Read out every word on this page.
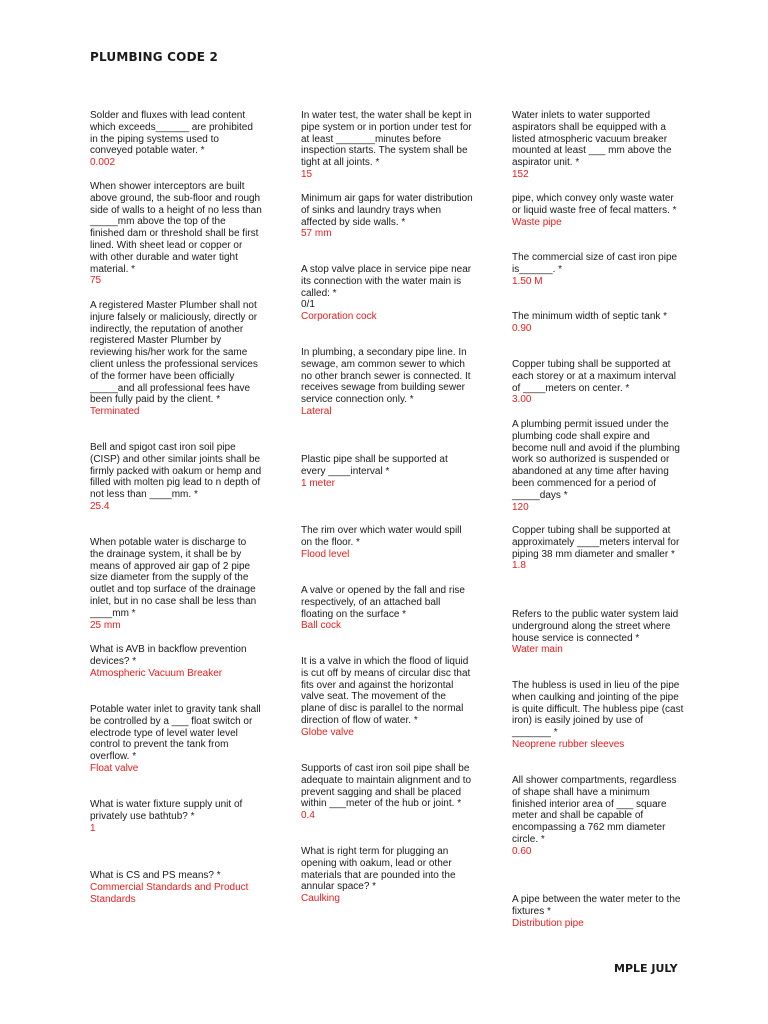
PLUMBING CODE 2
Solder and fluxes with lead content which exceeds______ are prohibited in the piping systems used to conveyed potable water. *
0.002
When shower interceptors are built above ground, the sub-floor and rough side of walls to a height of no less than _____mm above the top of the finished dam or threshold shall be first lined. With sheet lead or copper or with other durable and water tight material. *
75
A registered Master Plumber shall not injure falsely or maliciously, directly or indirectly, the reputation of another registered Master Plumber by reviewing his/her work for the same client unless the professional services of the former have been officially _____and all professional fees have been fully paid by the client. *
Terminated
Bell and spigot cast iron soil pipe (CISP) and other similar joints shall be firmly packed with oakum or hemp and filled with molten pig lead to n depth of not less than ____mm. *
25.4
When potable water is discharge to the drainage system, it shall be by means of approved air gap of 2 pipe size diameter from the supply of the outlet and top surface of the drainage inlet, but in no case shall be less than ____mm *
25 mm
What is AVB in backflow prevention devices? *
Atmospheric Vacuum Breaker
Potable water inlet to gravity tank shall be controlled by a ___ float switch or electrode type of level water level control to prevent the tank from overflow. *
Float valve
What is water fixture supply unit of privately use bathtub? *
1
What is CS and PS means? *
Commercial Standards and Product Standards
In water test, the water shall be kept in pipe system or in portion under test for at least _______minutes before inspection starts. The system shall be tight at all joints. *
15
Minimum air gaps for water distribution of sinks and laundry trays when affected by side walls. *
57 mm
A stop valve place in service pipe near its connection with the water main is called: *
0/1
Corporation cock
In plumbing, a secondary pipe line. In sewage, am common sewer to which no other branch sewer is connected. It receives sewage from building sewer service connection only. *
Lateral
Plastic pipe shall be supported at every ____interval *
1 meter
The rim over which water would spill on the floor. *
Flood level
A valve or opened by the fall and rise respectively, of an attached ball floating on the surface *
Ball cock
It is a valve in which the flood of liquid is cut off by means of circular disc that fits over and against the horizontal valve seat. The movement of the plane of disc is parallel to the normal direction of flow of water. *
Globe valve
Supports of cast iron soil pipe shall be adequate to maintain alignment and to prevent sagging and shall be placed within ___meter of the hub or joint. *
0.4
What is right term for plugging an opening with oakum, lead or other materials that are pounded into the annular space? *
Caulking
Water inlets to water supported aspirators shall be equipped with a listed atmospheric vacuum breaker mounted at least ___ mm above the aspirator unit. *
152
pipe, which convey only waste water or liquid waste free of fecal matters. *
Waste pipe
The commercial size of cast iron pipe is______. *
1.50 M
The minimum width of septic tank *
0.90
Copper tubing shall be supported at each storey or at a maximum interval of ____meters on center. *
3.00
A plumbing permit issued under the plumbing code shall expire and become null and avoid if the plumbing work so authorized is suspended or abandoned at any time after having been commenced for a period of _____days *
120
Copper tubing shall be supported at approximately ____meters interval for piping 38 mm diameter and smaller *
1.8
Refers to the public water system laid underground along the street where house service is connected *
Water main
The hubless is used in lieu of the pipe when caulking and jointing of the pipe is quite difficult. The hubless pipe (cast iron) is easily joined by use of _______ *
Neoprene rubber sleeves
All shower compartments, regardless of shape shall have a minimum finished interior area of ___ square meter and shall be capable of encompassing a 762 mm diameter circle. *
0.60
A pipe between the water meter to the fixtures *
Distribution pipe

MPLE JULY
